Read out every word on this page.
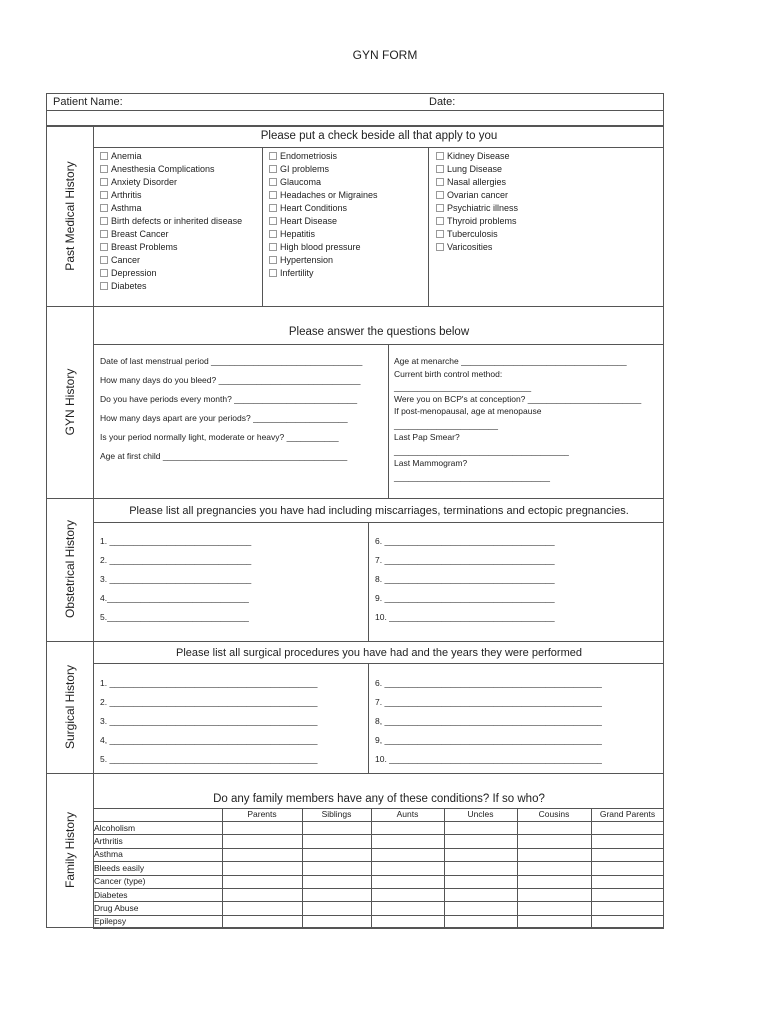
GYN FORM
Patient Name:	Date:
Past Medical History
GYN History
Obstetrical History
Surgical History
Family History
Please put a check beside all that apply to you
Anemia
Anesthesia Complications
Anxiety Disorder
Arthritis
Asthma
Birth defects or inherited disease
Breast Cancer
Breast Problems
Cancer
Depression
Diabetes
Endometriosis
GI problems
Glaucoma
Headaches or Migraines
Heart Conditions
Heart Disease
Hepatitis
High blood pressure
Hypertension
Infertility
Kidney Disease
Lung Disease
Nasal allergies
Ovarian cancer
Psychiatric illness
Thyroid problems
Tuberculosis
Varicosities
Please answer the questions below
Date of last menstrual period ________________________________
How many days do you bleed? ______________________________
Do you have periods every month? __________________________
How many days apart are your periods? ____________________
Is your period normally light, moderate or heavy? ___________
Age at first child _______________________________________
Age at menarche ___________________________________
Current birth control method:
_____________________________
Were you on BCP's at conception? ________________________
If post-menopausal, age at menopause
______________________
Last Pap Smear?
_____________________________________
Last Mammogram?
_________________________________
Please list all pregnancies you have had including miscarriages, terminations and ectopic pregnancies.
1. ______________________________
2. ______________________________
3. ______________________________
4.______________________________
5.______________________________
6. ____________________________________
7. ____________________________________
8. ____________________________________
9. ____________________________________
10. ___________________________________
Please list all surgical procedures you have had and the years they were performed
1. ____________________________________________
2. ____________________________________________
3. ____________________________________________
4, ____________________________________________
5. ____________________________________________
6. ______________________________________________
7. ______________________________________________
8, ______________________________________________
9, ______________________________________________
10. _____________________________________________
Do any family members have any of these conditions? If so who?
Parents	Siblings	Aunts	Uncles	Cousins	Grand Parents
Alcoholism
Arthritis
Asthma
Bleeds easily
Cancer (type)
Diabetes
Drug Abuse
Epilepsy
